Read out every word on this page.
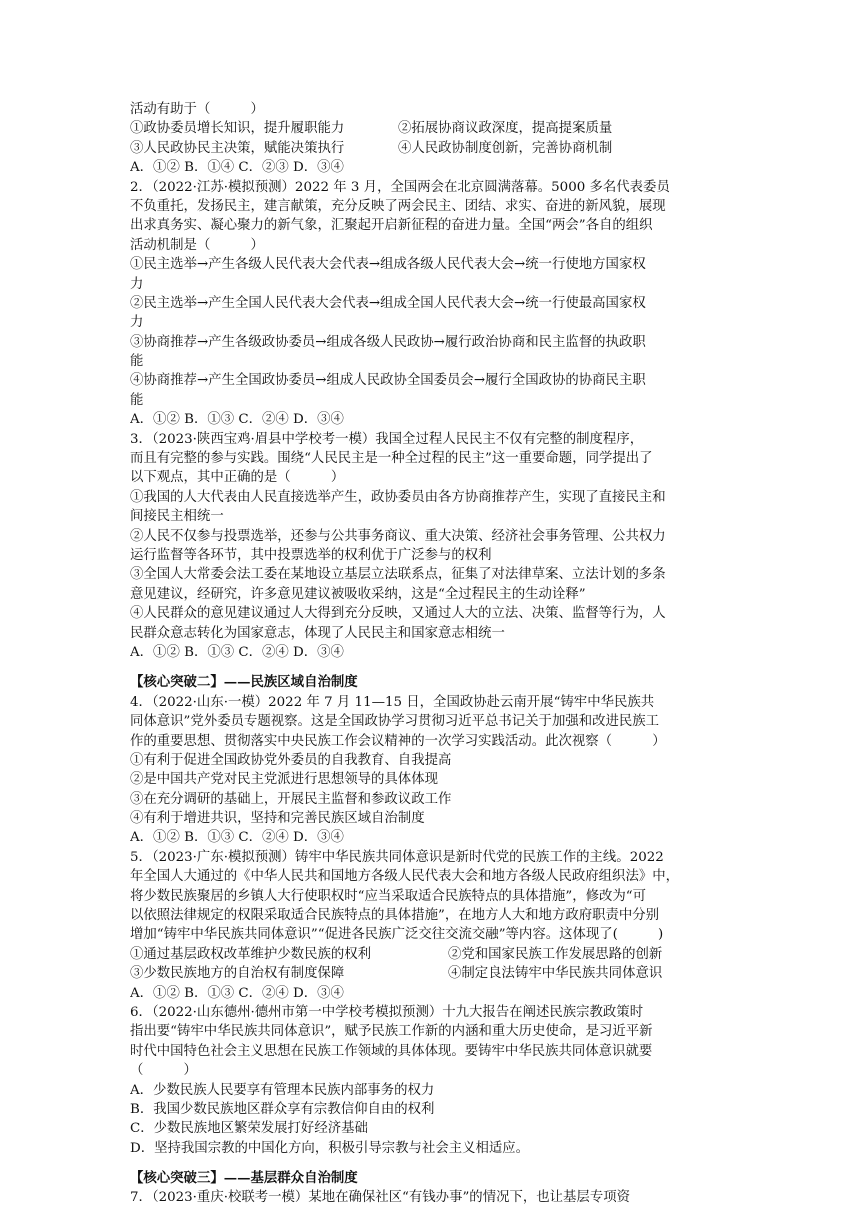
活动有助于（　　　）
①政协委员增长知识，提升履职能力	②拓展协商议政深度，提高提案质量
③人民政协民主决策，赋能决策执行	④人民政协制度创新，完善协商机制
A．①② B．①④ C．②③ D．③④
2．（2022·江苏·模拟预测）2022 年 3 月，全国两会在北京圆满落幕。5000 多名代表委员
不负重托，发扬民主，建言献策，充分反映了两会民主、团结、求实、奋进的新风貌，展现
出求真务实、凝心聚力的新气象，汇聚起开启新征程的奋进力量。全国“两会”各自的组织
活动机制是（　　　）
①民主选举→产生各级人民代表大会代表→组成各级人民代表大会→统一行使地方国家权
力
②民主选举→产生全国人民代表大会代表→组成全国人民代表大会→统一行使最高国家权
力
③协商推荐→产生各级政协委员→组成各级人民政协→履行政治协商和民主监督的执政职
能
④协商推荐→产生全国政协委员→组成人民政协全国委员会→履行全国政协的协商民主职
能
A．①② B．①③ C．②④ D．③④
3．（2023·陕西宝鸡·眉县中学校考一模）我国全过程人民民主不仅有完整的制度程序，
而且有完整的参与实践。围绕“人民民主是一种全过程的民主”这一重要命题，同学提出了
以下观点，其中正确的是（　　　）
①我国的人大代表由人民直接选举产生，政协委员由各方协商推荐产生，实现了直接民主和
间接民主相统一
②人民不仅参与投票选举，还参与公共事务商议、重大决策、经济社会事务管理、公共权力
运行监督等各环节，其中投票选举的权利优于广泛参与的权利
③全国人大常委会法工委在某地设立基层立法联系点，征集了对法律草案、立法计划的多条
意见建议，经研究，许多意见建议被吸收采纳，这是“全过程民主的生动诠释”
④人民群众的意见建议通过人大得到充分反映，又通过人大的立法、决策、监督等行为，人
民群众意志转化为国家意志，体现了人民民主和国家意志相统一
A．①② B．①③ C．②④ D．③④
【核心突破二】——民族区域自治制度
4．（2022·山东·一模）2022 年 7 月 11—15 日，全国政协赴云南开展“铸牢中华民族共
同体意识”党外委员专题视察。这是全国政协学习贯彻习近平总书记关于加强和改进民族工
作的重要思想、贯彻落实中央民族工作会议精神的一次学习实践活动。此次视察（　　　）
①有利于促进全国政协党外委员的自我教育、自我提高
②是中国共产党对民主党派进行思想领导的具体体现
③在充分调研的基础上，开展民主监督和参政议政工作
④有利于增进共识，坚持和完善民族区域自治制度
A．①② B．①③ C．②④ D．③④
5．（2023·广东·模拟预测）铸牢中华民族共同体意识是新时代党的民族工作的主线。2022
年全国人大通过的《中华人民共和国地方各级人民代表大会和地方各级人民政府组织法》中，
将少数民族聚居的乡镇人大行使职权时“应当采取适合民族特点的具体措施”，修改为“可
以依照法律规定的权限采取适合民族特点的具体措施”，在地方人大和地方政府职责中分别
增加“铸牢中华民族共同体意识”“促进各民族广泛交往交流交融”等内容。这体现了(　　　)
①通过基层政权改革维护少数民族的权利	②党和国家民族工作发展思路的创新
③少数民族地方的自治权有制度保障	④制定良法铸牢中华民族共同体意识
A．①② B．①③ C．②④ D．③④
6．（2022·山东德州·德州市第一中学校考模拟预测）十九大报告在阐述民族宗教政策时
指出要“铸牢中华民族共同体意识”，赋予民族工作新的内涵和重大历史使命，是习近平新
时代中国特色社会主义思想在民族工作领域的具体体现。要铸牢中华民族共同体意识就要
（　　　）
A．少数民族人民要享有管理本民族内部事务的权力
B．我国少数民族地区群众享有宗教信仰自由的权利
C．少数民族地区繁荣发展打好经济基础
D．坚持我国宗教的中国化方向，积极引导宗教与社会主义相适应。
【核心突破三】——基层群众自治制度
7．（2023·重庆·校联考一模）某地在确保社区“有钱办事”的情况下，也让基层专项资
